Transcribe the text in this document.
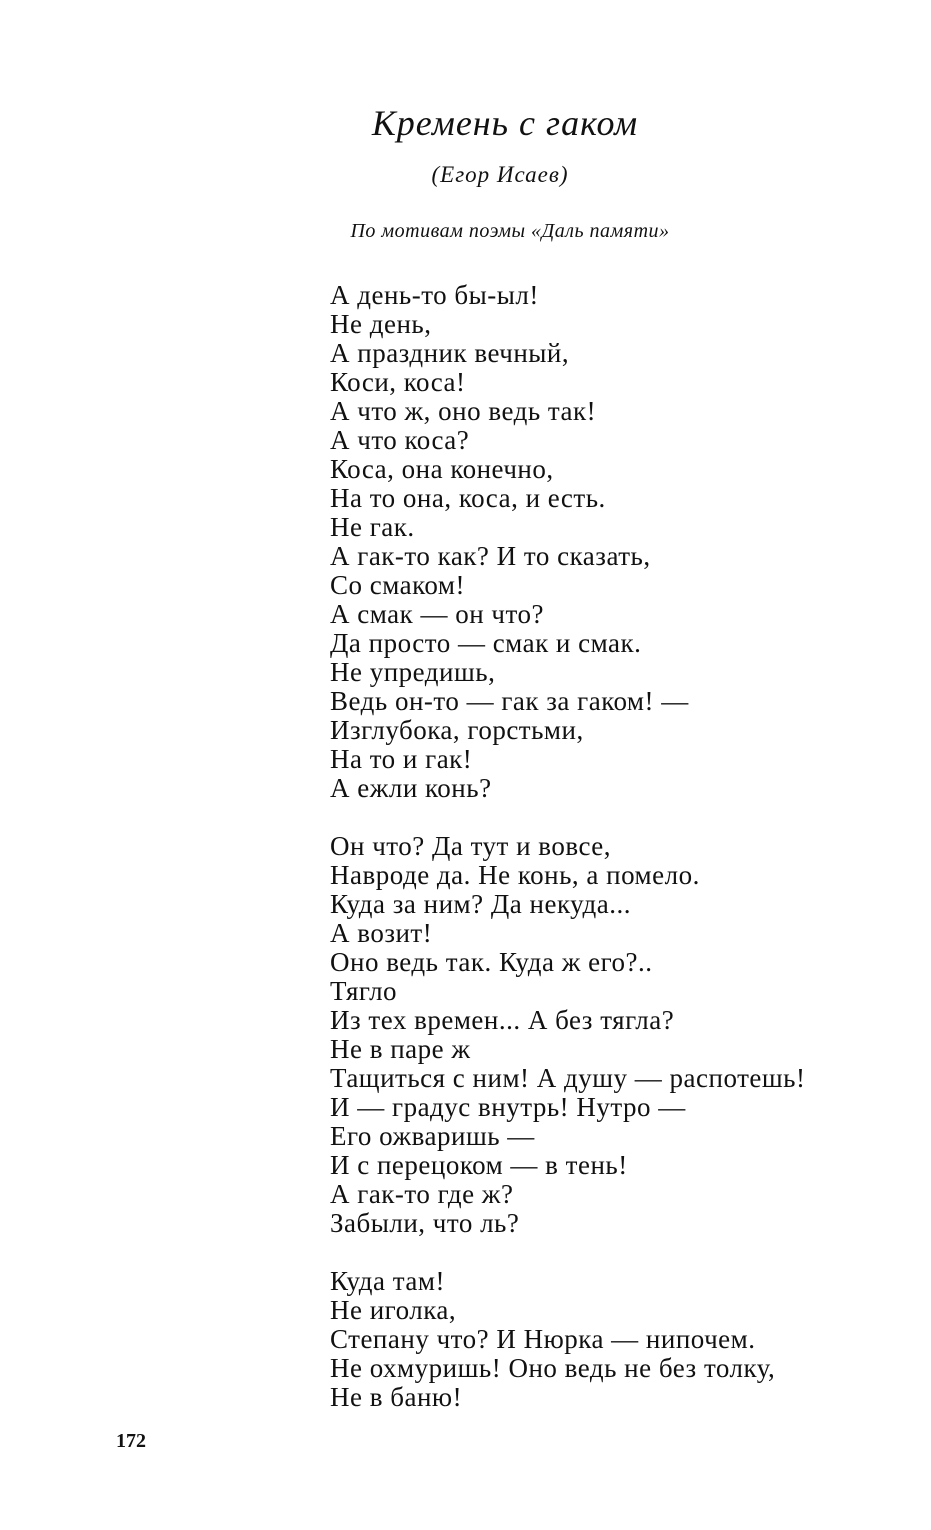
Кремень с гаком
(Егор Исаев)
По мотивам поэмы «Даль памяти»
А день-то бы-ыл!
Не день,
А праздник вечный,
Коси, коса!
А что ж, оно ведь так!
А что коса?
Коса, она конечно,
На то она, коса, и есть.
Не гак.
А гак-то как? И то сказать,
Со смаком!
А смак — он что?
Да просто — смак и смак.
Не упредишь,
Ведь он-то — гак за гаком! —
Изглубока, горстьми,
На то и гак!
А ежли конь?
Он что? Да тут и вовсе,
Навроде да. Не конь, а помело.
Куда за ним? Да некуда...
А возит!
Оно ведь так. Куда ж его?..
Тягло
Из тех времен... А без тягла?
Не в паре ж
Тащиться с ним! А душу — распотешь!
И — градус внутрь! Нутро —
Его ожваришь —
И с перецоком — в тень!
А гак-то где ж?
Забыли, что ль?
Куда там!
Не иголка,
Степану что? И Нюрка — нипочем.
Не охмуришь! Оно ведь не без толку,
Не в баню!
172
